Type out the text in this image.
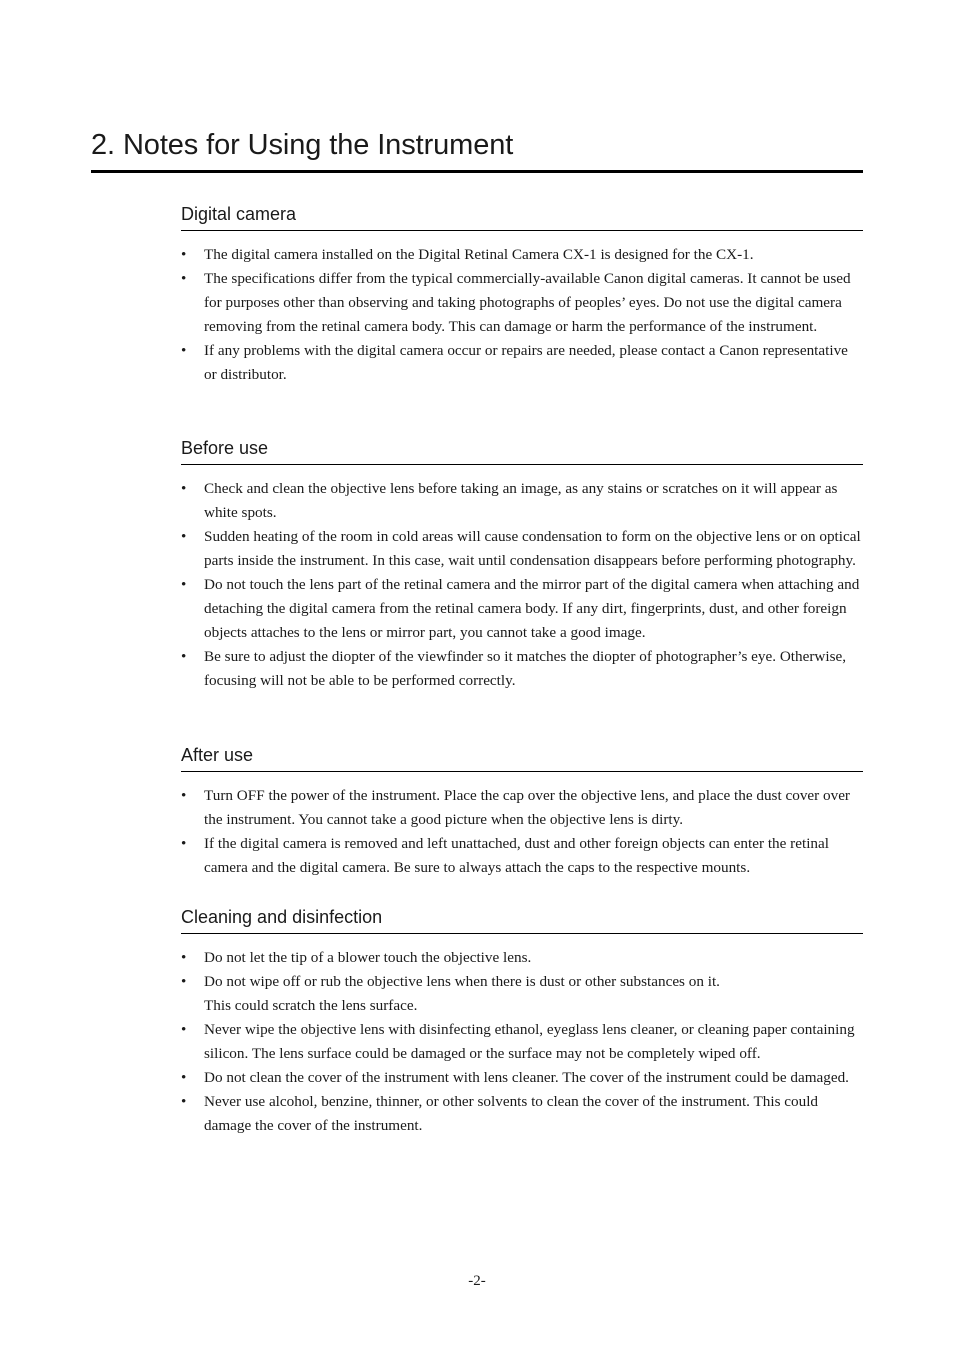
2. Notes for Using the Instrument
Digital camera
• The digital camera installed on the Digital Retinal Camera CX-1 is designed for the CX-1.
• The specifications differ from the typical commercially-available Canon digital cameras. It cannot be used for purposes other than observing and taking photographs of peoples’ eyes. Do not use the digital camera removing from the retinal camera body. This can damage or harm the performance of the instrument.
• If any problems with the digital camera occur or repairs are needed, please contact a Canon representative or distributor.
Before use
• Check and clean the objective lens before taking an image, as any stains or scratches on it will appear as white spots.
• Sudden heating of the room in cold areas will cause condensation to form on the objective lens or on optical parts inside the instrument. In this case, wait until condensation disappears before performing photography.
• Do not touch the lens part of the retinal camera and the mirror part of the digital camera when attaching and detaching the digital camera from the retinal camera body. If any dirt, fingerprints, dust, and other foreign objects attaches to the lens or mirror part, you cannot take a good image.
• Be sure to adjust the diopter of the viewfinder so it matches the diopter of photographer’s eye. Otherwise, focusing will not be able to be performed correctly.
After use
• Turn OFF the power of the instrument. Place the cap over the objective lens, and place the dust cover over the instrument. You cannot take a good picture when the objective lens is dirty.
• If the digital camera is removed and left unattached, dust and other foreign objects can enter the retinal camera and the digital camera. Be sure to always attach the caps to the respective mounts.
Cleaning and disinfection
• Do not let the tip of a blower touch the objective lens.
• Do not wipe off or rub the objective lens when there is dust or other substances on it.
This could scratch the lens surface.
• Never wipe the objective lens with disinfecting ethanol, eyeglass lens cleaner, or cleaning paper containing silicon. The lens surface could be damaged or the surface may not be completely wiped off.
• Do not clean the cover of the instrument with lens cleaner. The cover of the instrument could be damaged.
• Never use alcohol, benzine, thinner, or other solvents to clean the cover of the instrument. This could damage the cover of the instrument.
-2-
